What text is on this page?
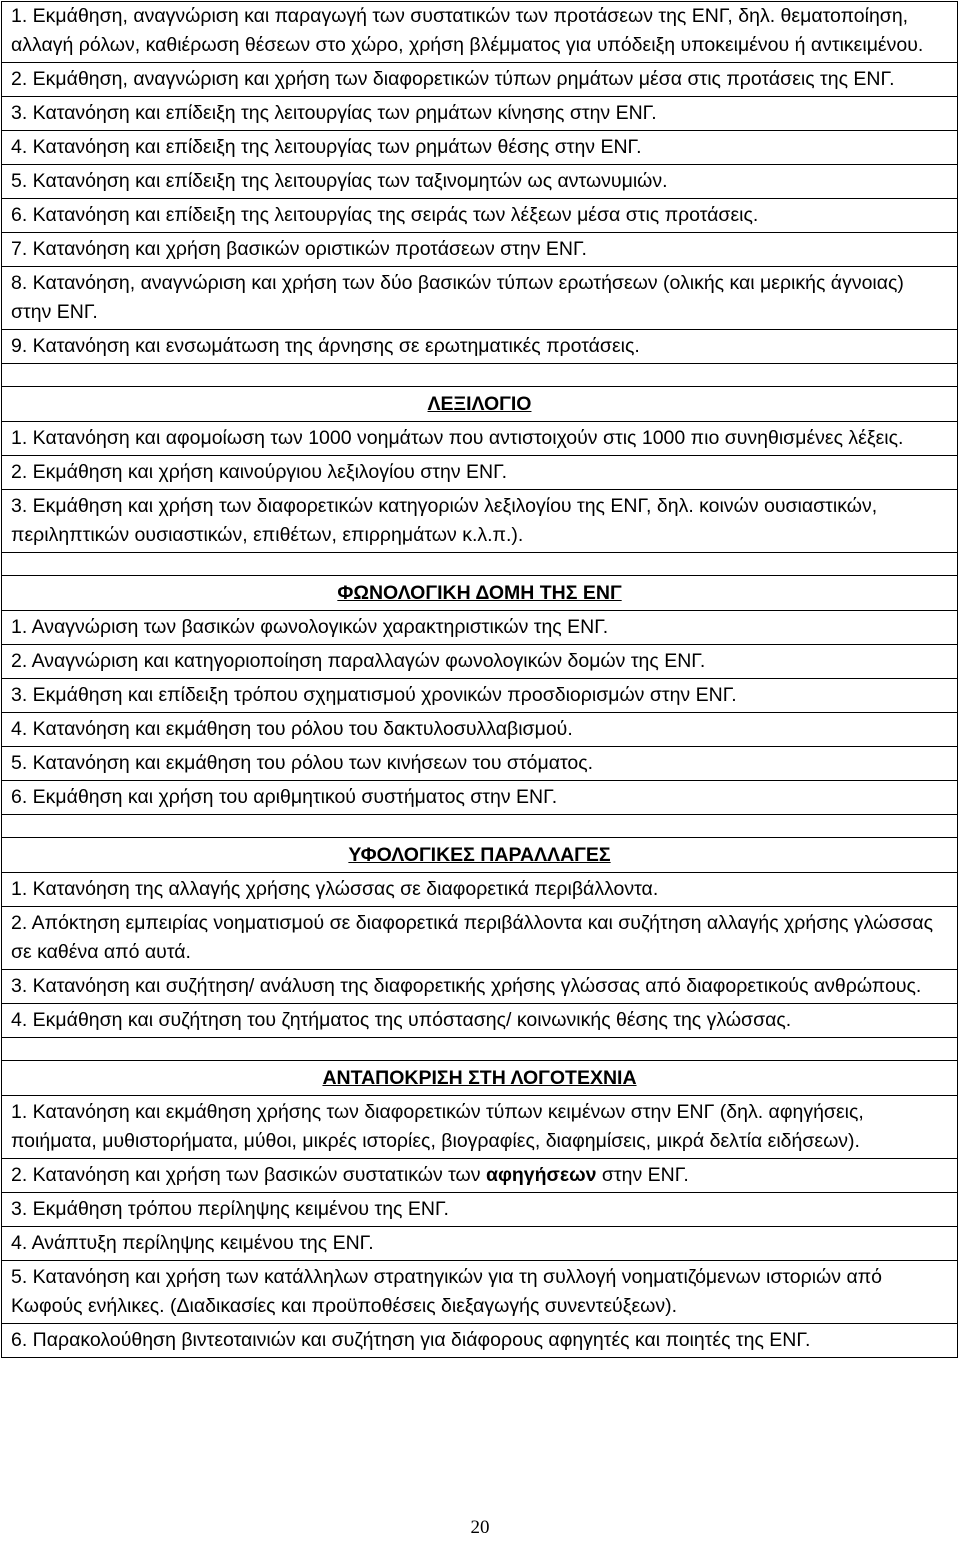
1. Εκμάθηση, αναγνώριση και παραγωγή των συστατικών των προτάσεων της ΕΝΓ, δηλ. θεματοποίηση, αλλαγή ρόλων, καθιέρωση θέσεων στο χώρο, χρήση βλέμματος για υπόδειξη υποκειμένου ή αντικειμένου.
2. Εκμάθηση, αναγνώριση και χρήση των διαφορετικών τύπων ρημάτων μέσα στις προτάσεις της ΕΝΓ.
3. Κατανόηση και επίδειξη της λειτουργίας των ρημάτων κίνησης στην ΕΝΓ.
4. Κατανόηση και επίδειξη της λειτουργίας των ρημάτων θέσης στην ΕΝΓ.
5. Κατανόηση και επίδειξη της λειτουργίας των ταξινομητών ως αντωνυμιών.
6. Κατανόηση και επίδειξη της λειτουργίας της σειράς των λέξεων μέσα στις προτάσεις.
7. Κατανόηση και χρήση βασικών οριστικών προτάσεων στην ΕΝΓ.
8. Κατανόηση, αναγνώριση και χρήση των δύο βασικών τύπων ερωτήσεων (ολικής και μερικής άγνοιας) στην ΕΝΓ.
9. Κατανόηση και ενσωμάτωση της άρνησης σε ερωτηματικές προτάσεις.

ΛΕΞΙΛΟΓΙΟ
1. Κατανόηση και αφομοίωση των 1000 νοημάτων που αντιστοιχούν στις 1000 πιο συνηθισμένες λέξεις.
2. Εκμάθηση και χρήση καινούργιου λεξιλογίου στην ΕΝΓ.
3. Εκμάθηση και χρήση των διαφορετικών κατηγοριών λεξιλογίου της ΕΝΓ, δηλ. κοινών ουσιαστικών, περιληπτικών ουσιαστικών, επιθέτων, επιρρημάτων κ.λ.π.).

ΦΩΝΟΛΟΓΙΚΗ ΔΟΜΗ ΤΗΣ ΕΝΓ
1. Αναγνώριση των βασικών φωνολογικών χαρακτηριστικών της ΕΝΓ.
2. Αναγνώριση και κατηγοριοποίηση παραλλαγών φωνολογικών δομών της ΕΝΓ.
3. Εκμάθηση και επίδειξη τρόπου σχηματισμού χρονικών προσδιορισμών στην ΕΝΓ.
4. Κατανόηση και εκμάθηση του ρόλου του δακτυλοσυλλαβισμού.
5. Κατανόηση και εκμάθηση του ρόλου των κινήσεων του στόματος.
6. Εκμάθηση και χρήση του αριθμητικού συστήματος στην ΕΝΓ.

ΥΦΟΛΟΓΙΚΕΣ ΠΑΡΑΛΛΑΓΕΣ
1. Κατανόηση της αλλαγής χρήσης γλώσσας σε διαφορετικά περιβάλλοντα.
2. Απόκτηση εμπειρίας νοηματισμού σε διαφορετικά περιβάλλοντα και συζήτηση αλλαγής χρήσης γλώσσας σε καθένα από αυτά.
3. Κατανόηση και συζήτηση/ ανάλυση της διαφορετικής χρήσης γλώσσας από διαφορετικούς ανθρώπους.
4. Εκμάθηση και συζήτηση του ζητήματος της υπόστασης/ κοινωνικής θέσης της γλώσσας.

ΑΝΤΑΠΟΚΡΙΣΗ ΣΤΗ ΛΟΓΟΤΕΧΝΙΑ
1. Κατανόηση και εκμάθηση χρήσης των διαφορετικών τύπων κειμένων στην ΕΝΓ (δηλ. αφηγήσεις, ποιήματα, μυθιστορήματα, μύθοι, μικρές ιστορίες, βιογραφίες, διαφημίσεις, μικρά δελτία ειδήσεων).
2. Κατανόηση και χρήση των βασικών συστατικών των αφηγήσεων στην ΕΝΓ.
3. Εκμάθηση τρόπου περίληψης κειμένου της ΕΝΓ.
4. Ανάπτυξη περίληψης κειμένου της ΕΝΓ.
5. Κατανόηση και χρήση των κατάλληλων στρατηγικών για τη συλλογή νοηματιζόμενων ιστοριών από Κωφούς ενήλικες. (Διαδικασίες και προϋποθέσεις διεξαγωγής συνεντεύξεων).
6. Παρακολούθηση βιντεοταινιών και συζήτηση για διάφορους αφηγητές και ποιητές της ΕΝΓ.
20
